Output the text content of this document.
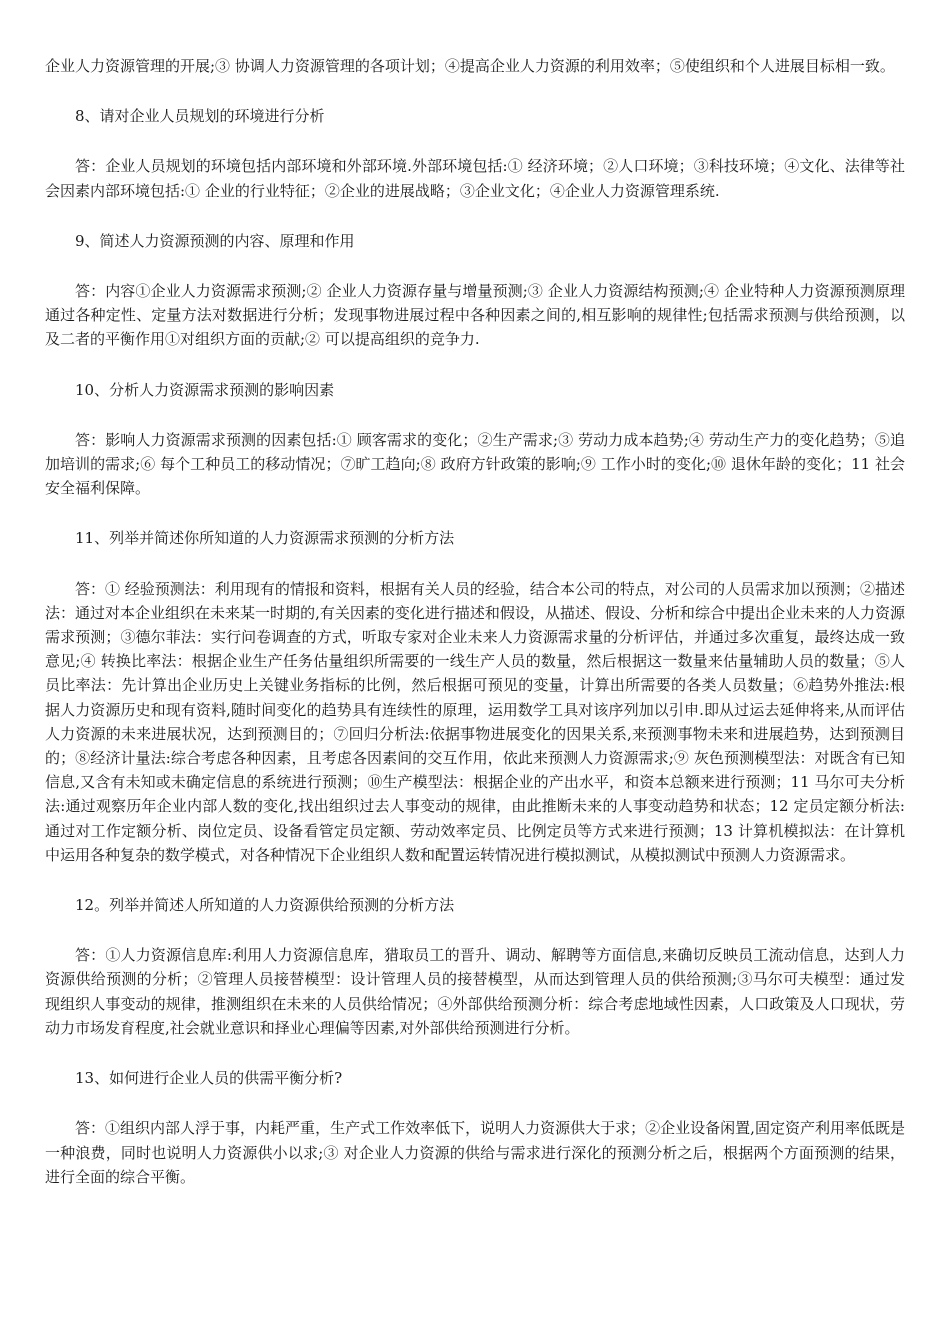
企业人力资源管理的开展;③ 协调人力资源管理的各项计划；④提高企业人力资源的利用效率；⑤使组织和个人进展目标相一致。

8、请对企业人员规划的环境进行分析

答：企业人员规划的环境包括内部环境和外部环境.外部环境包括:① 经济环境；②人口环境；③科技环境；④文化、法律等社会因素内部环境包括:① 企业的行业特征；②企业的进展战略；③企业文化；④企业人力资源管理系统.

9、简述人力资源预测的内容、原理和作用

答：内容①企业人力资源需求预测;② 企业人力资源存量与增量预测;③ 企业人力资源结构预测;④ 企业特种人力资源预测原理通过各种定性、定量方法对数据进行分析；发现事物进展过程中各种因素之间的,相互影响的规律性;包括需求预测与供给预测，以及二者的平衡作用①对组织方面的贡献;② 可以提高组织的竞争力.

10、分析人力资源需求预测的影响因素

答：影响人力资源需求预测的因素包括:① 顾客需求的变化；②生产需求;③ 劳动力成本趋势;④ 劳动生产力的变化趋势；⑤追加培训的需求;⑥ 每个工种员工的移动情况；⑦旷工趋向;⑧ 政府方针政策的影响;⑨ 工作小时的变化;⑩ 退休年龄的变化；11 社会安全福利保障。

11、列举并简述你所知道的人力资源需求预测的分析方法

答：① 经验预测法：利用现有的情报和资料，根据有关人员的经验，结合本公司的特点，对公司的人员需求加以预测；②描述法：通过对本企业组织在未来某一时期的,有关因素的变化进行描述和假设，从描述、假设、分析和综合中提出企业未来的人力资源需求预测；③德尔菲法：实行问卷调查的方式，听取专家对企业未来人力资源需求量的分析评估，并通过多次重复，最终达成一致意见;④ 转换比率法：根据企业生产任务估量组织所需要的一线生产人员的数量，然后根据这一数量来估量辅助人员的数量；⑤人员比率法：先计算出企业历史上关键业务指标的比例，然后根据可预见的变量，计算出所需要的各类人员数量；⑥趋势外推法:根据人力资源历史和现有资料,随时间变化的趋势具有连续性的原理，运用数学工具对该序列加以引申.即从过运去延伸将来,从而评估人力资源的未来进展状况，达到预测目的；⑦回归分析法:依据事物进展变化的因果关系,来预测事物未来和进展趋势，达到预测目的；⑧经济计量法:综合考虑各种因素，且考虑各因素间的交互作用，依此来预测人力资源需求;⑨ 灰色预测模型法：对既含有已知信息,又含有未知或未确定信息的系统进行预测；⑩生产模型法：根据企业的产出水平，和资本总额来进行预测；11 马尔可夫分析法:通过观察历年企业内部人数的变化,找出组织过去人事变动的规律，由此推断未来的人事变动趋势和状态；12 定员定额分析法:通过对工作定额分析、岗位定员、设备看管定员定额、劳动效率定员、比例定员等方式来进行预测；13 计算机模拟法：在计算机中运用各种复杂的数学模式，对各种情况下企业组织人数和配置运转情况进行模拟测试，从模拟测试中预测人力资源需求。

12。列举并简述人所知道的人力资源供给预测的分析方法

答：①人力资源信息库:利用人力资源信息库，猎取员工的晋升、调动、解聘等方面信息,来确切反映员工流动信息，达到人力资源供给预测的分析；②管理人员接替模型：设计管理人员的接替模型，从而达到管理人员的供给预测;③马尔可夫模型：通过发现组织人事变动的规律，推测组织在未来的人员供给情况；④外部供给预测分析：综合考虑地域性因素，人口政策及人口现状，劳动力市场发育程度,社会就业意识和择业心理偏等因素,对外部供给预测进行分析。

13、如何进行企业人员的供需平衡分析?

答：①组织内部人浮于事，内耗严重，生产式工作效率低下，说明人力资源供大于求；②企业设备闲置,固定资产利用率低既是一种浪费，同时也说明人力资源供小以求;③ 对企业人力资源的供给与需求进行深化的预测分析之后，根据两个方面预测的结果，进行全面的综合平衡。
